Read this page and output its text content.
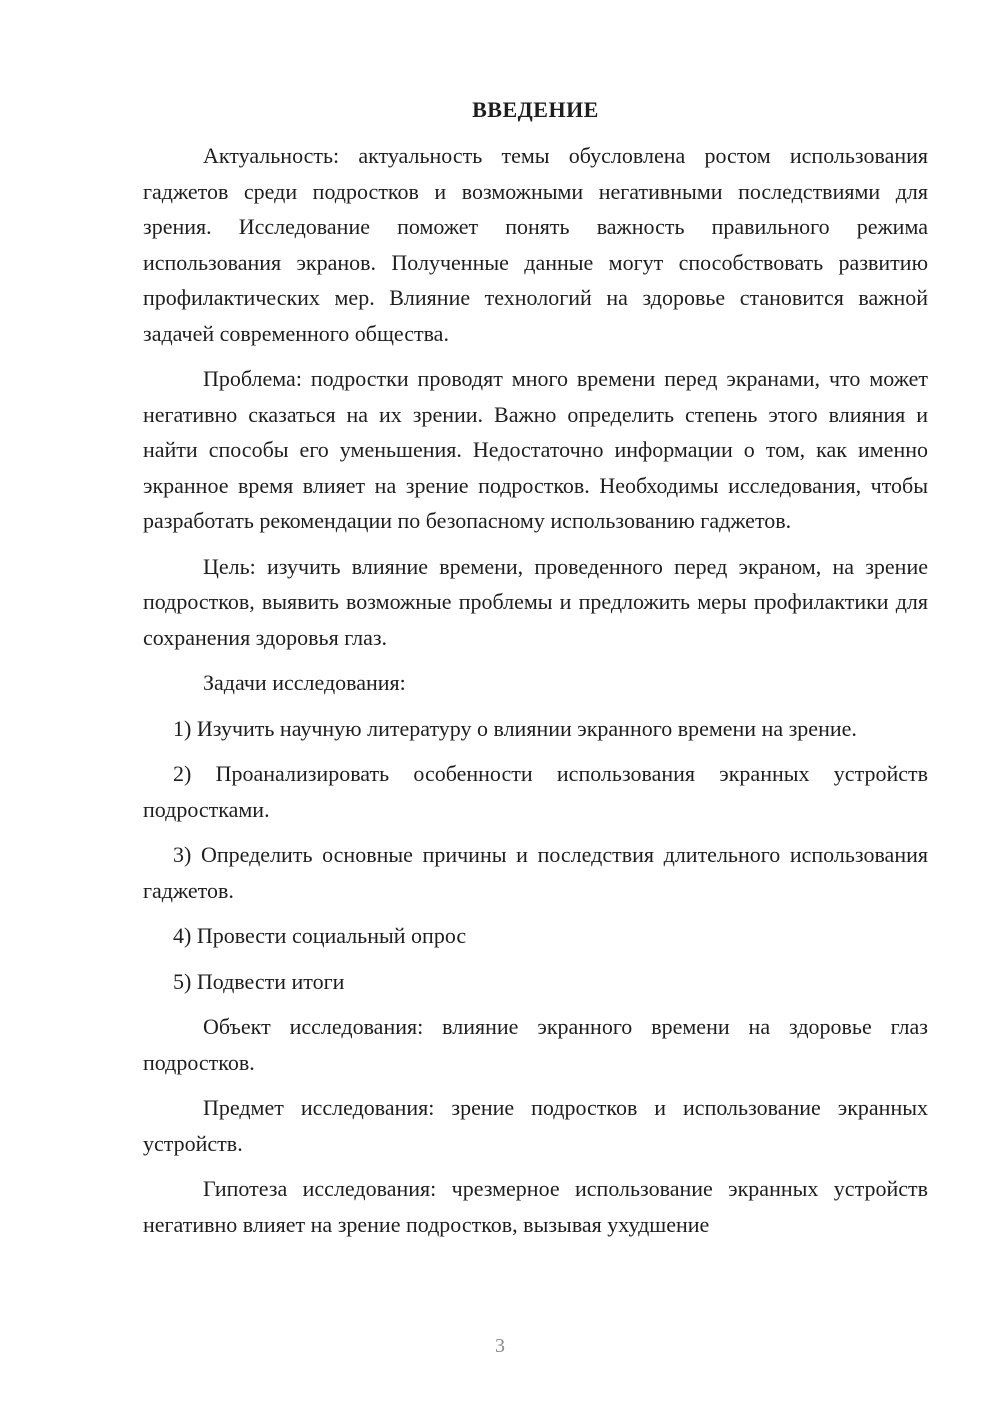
ВВЕДЕНИЕ

Актуальность: актуальность темы обусловлена ростом использования гаджетов среди подростков и возможными негативными последствиями для зрения. Исследование поможет понять важность правильного режима использования экранов. Полученные данные могут способствовать развитию профилактических мер. Влияние технологий на здоровье становится важной задачей современного общества.

Проблема: подростки проводят много времени перед экранами, что может негативно сказаться на их зрении. Важно определить степень этого влияния и найти способы его уменьшения. Недостаточно информации о том, как именно экранное время влияет на зрение подростков. Необходимы исследования, чтобы разработать рекомендации по безопасному использованию гаджетов.

Цель: изучить влияние времени, проведенного перед экраном, на зрение подростков, выявить возможные проблемы и предложить меры профилактики для сохранения здоровья глаз.

Задачи исследования:

1) Изучить научную литературу о влиянии экранного времени на зрение.

2) Проанализировать особенности использования экранных устройств подростками.

3) Определить основные причины и последствия длительного использования гаджетов.

4) Провести социальный опрос

5) Подвести итоги

Объект исследования: влияние экранного времени на здоровье глаз подростков.

Предмет исследования: зрение подростков и использование экранных устройств.

Гипотеза исследования: чрезмерное использование экранных устройств негативно влияет на зрение подростков, вызывая ухудшение

3
